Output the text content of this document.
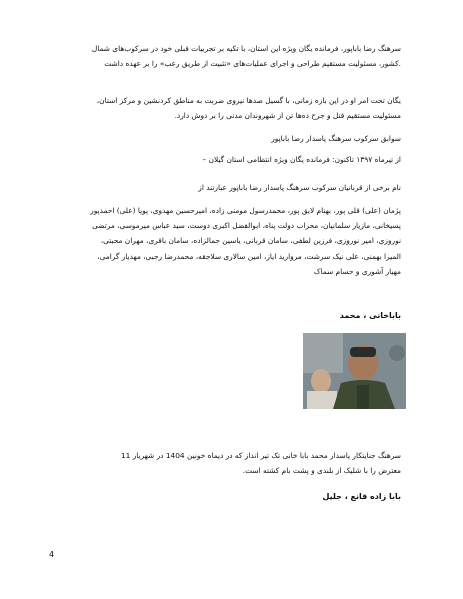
سرهنگ رضا باباپور، فرمانده یگان ویژه این استان، با تکیه بر تجربیات قبلی خود در سرکوب‌های شمال
.کشور، مسئولیت مستقیم طراحی و اجرای عملیات‌های «تثبیت از طریق رعب» را بر عهده داشت
یگان تحت امر او در این بازه زمانی، با گسیل صدها نیروی ضربت به مناطق کردنشین و مرکز استان،
مسئولیت مستقیم قتل و جرح ده‌ها تن از شهروندان مدنی را بر دوش دارد.
سوابق سرکوب سرهنگ پاسدار رضا باباپور
از تیرماه ۱۳۹۷ تاکنون: فرمانده یگان ویژه انتظامی استان گیلان –
نام برخی از قربانیان سرکوب سرهنگ پاسدار رضا باباپور عبارتند از
پژمان (علی) قلی پور، بهنام لایق پور، محمدرسول مومنی زاده، امیرحسین مهدوی، پویا (علی) احمدپور
پسیخانی، مازیار سلمانیان، محراب دولت پناه، ابوالفضل اکبری دوست، سید عباس میرموسی، مرتضی
نوروزی، امیر نوروزی، فرزین لطفی، سامان قربانی، یاسین جمالزاده، سامان باقری، مهران محبتی،
المیرا بهمنی، علی نیک سرشت، مروارید ایاز، امین سالاری سلاجقه، محمدرضا رجبی، مهدیار گرامی،
مهیار آشوری و حسام سماک
باباخانی ، محمد
سرهنگ جنایتکار پاسدار محمد بابا خانی تک تیر انداز که در دیماه خونین 1404 در شهریار 11
معترض را با شلیک از بلندی و پشت بام کشته است.
بابا زاده قانع ، جلیل
4
